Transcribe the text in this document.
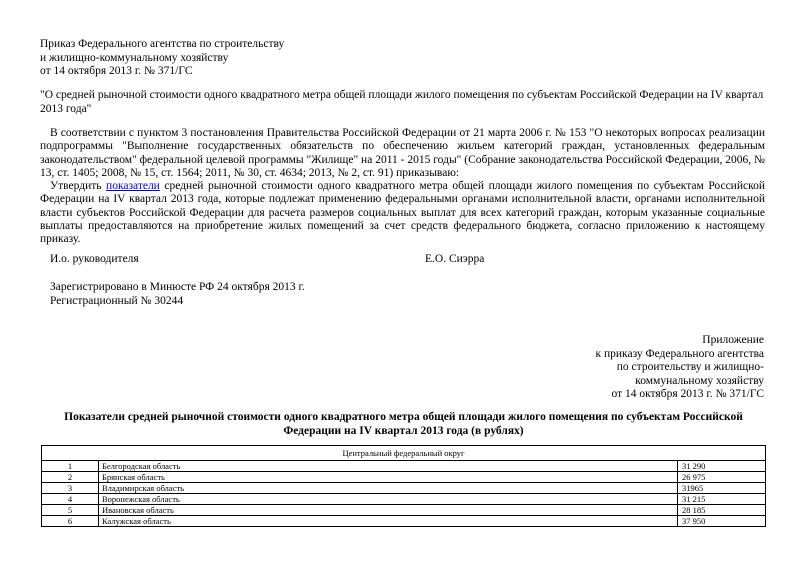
Приказ Федерального агентства по строительству
и жилищно-коммунальному хозяйству
от 14 октября 2013 г. № 371/ГС
"О средней рыночной стоимости одного квадратного метра общей площади жилого помещения по субъектам Российской Федерации на IV квартал 2013 года"
В соответствии с пунктом 3 постановления Правительства Российской Федерации от 21 марта 2006 г. № 153 "О некоторых вопросах реализации подпрограммы "Выполнение государственных обязательств по обеспечению жильем категорий граждан, установленных федеральным законодательством" федеральной целевой программы "Жилище" на 2011 - 2015 годы" (Собрание законодательства Российской Федерации, 2006, № 13, ст. 1405; 2008, № 15, ст. 1564; 2011, № 30, ст. 4634; 2013, № 2, ст. 91) приказываю:
Утвердить показатели средней рыночной стоимости одного квадратного метра общей площади жилого помещения по субъектам Российской Федерации на IV квартал 2013 года, которые подлежат применению федеральными органами исполнительной власти, органами исполнительной власти субъектов Российской Федерации для расчета размеров социальных выплат для всех категорий граждан, которым указанные социальные выплаты предоставляются на приобретение жилых помещений за счет средств федерального бюджета, согласно приложению к настоящему приказу.
И.о. руководителя	Е.О. Сиэрра
Зарегистрировано в Минюсте РФ 24 октября 2013 г.
Регистрационный № 30244
Приложение
к приказу Федерального агентства
по строительству и жилищно-
коммунальному хозяйству
от 14 октября 2013 г. № 371/ГС
Показатели средней рыночной стоимости одного квадратного метра общей площади жилого помещения по субъектам Российской Федерации на IV квартал 2013 года (в рублях)
Центральный федеральный округ		
1	Белгородская область	31 290
2	Брянская область	26 975
3	Владимирская область	31965
4	Воронежская область	31 215
5	Ивановская область	28 185
6	Калужская область	37 950
